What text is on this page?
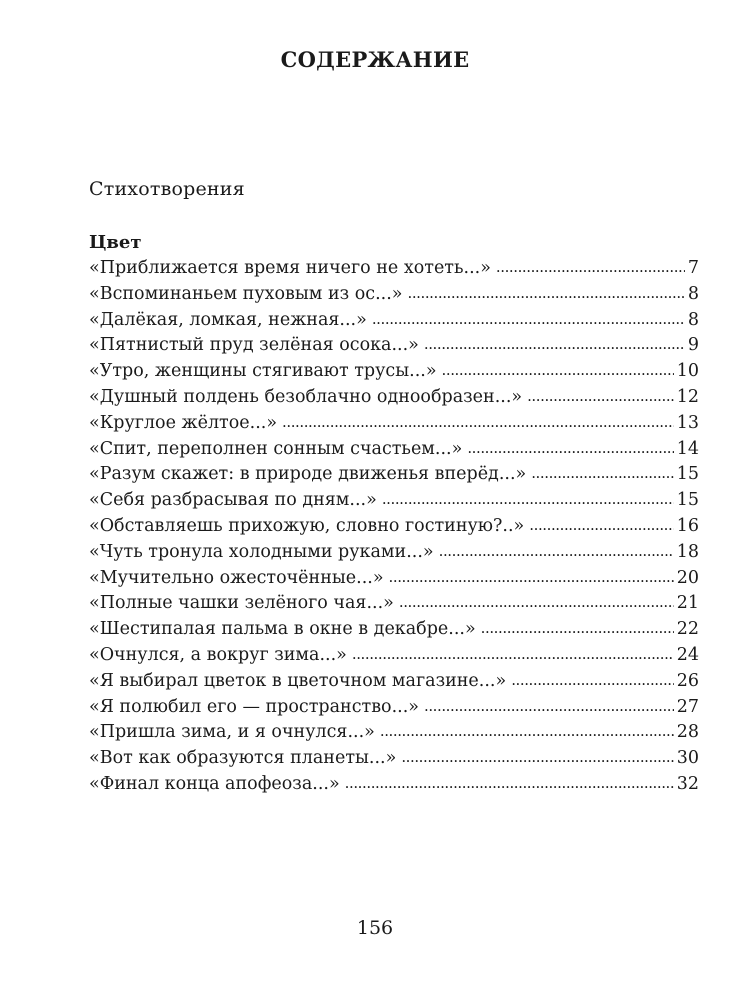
СОДЕРЖАНИЕ
Стихотворения
Цвет
«Приближается время ничего не хотеть...» . . .	7
«Вспоминаньем пуховым из ос...» . . .	8
«Далёкая, ломкая, нежная...» . . .	8
«Пятнистый пруд зелёная осока...» . . .	9
«Утро, женщины стягивают трусы...» . . .	10
«Душный полдень безоблачно однообразен...» . . .	12
«Круглое жёлтое...» . . .	13
«Спит, переполнен сонным счастьем...» . . .	14
«Разум скажет: в природе движенья вперёд...» . . .	15
«Себя разбрасывая по дням...» . . .	15
«Обставляешь прихожую, словно гостиную?..» . . .	16
«Чуть тронула холодными руками...» . . .	18
«Мучительно ожесточённые...» . . .	20
«Полные чашки зелёного чая...» . . .	21
«Шестипалая пальма в окне в декабре...» . . .	22
«Очнулся, а вокруг зима...» . . .	24
«Я выбирал цветок в цветочном магазине...» . . .	26
«Я полюбил его — пространство...» . . .	27
«Пришла зима, и я очнулся...» . . .	28
«Вот как образуются планеты...» . . .	30
«Финал конца апофеоза...» . . .	32
156
